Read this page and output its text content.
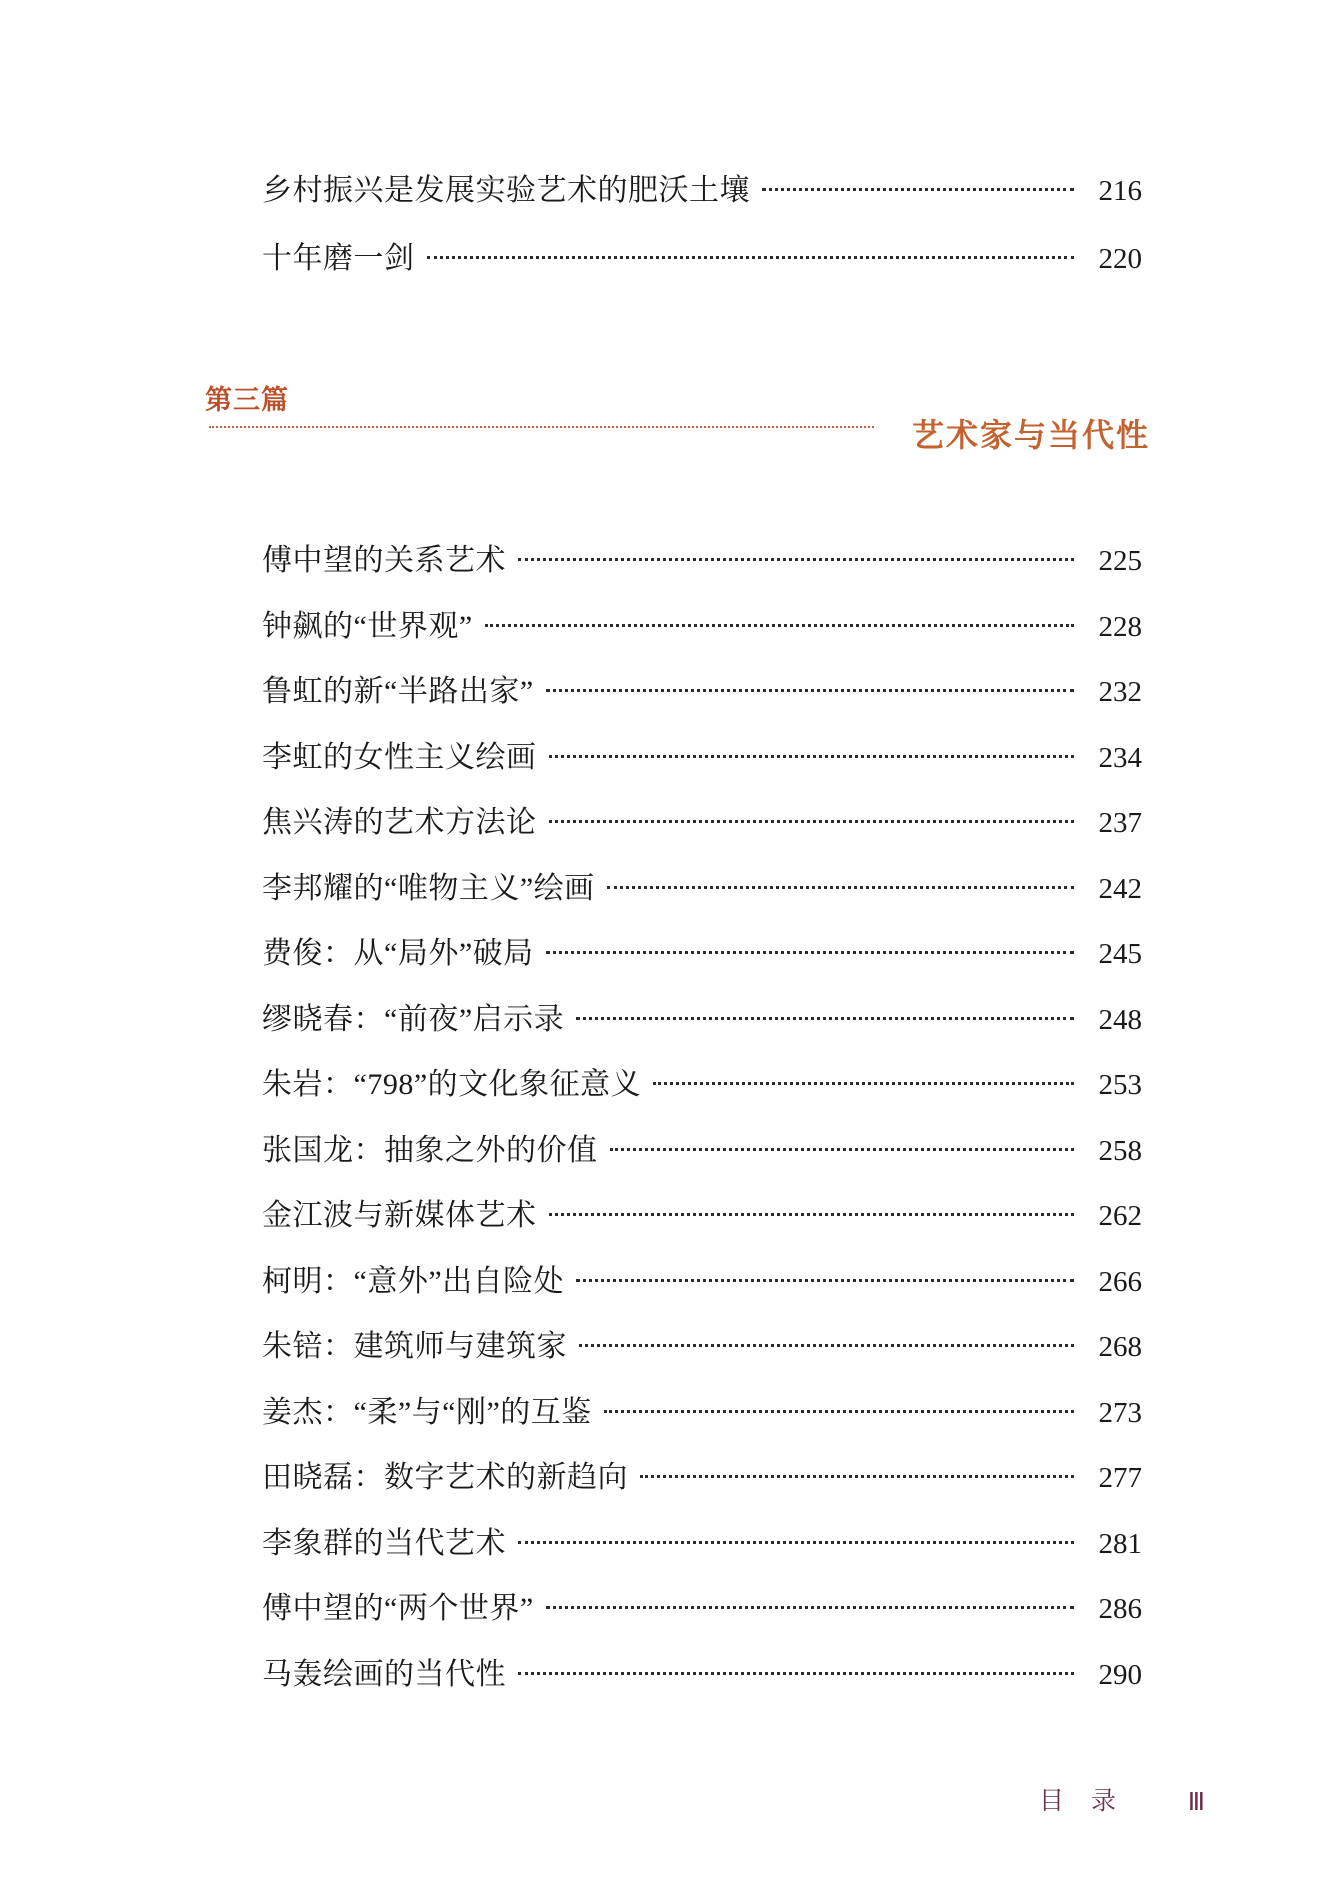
乡村振兴是发展实验艺术的肥沃土壤	216
十年磨一剑	220
第三篇
艺术家与当代性
傅中望的关系艺术	225
钟飙的“世界观”	228
鲁虹的新“半路出家”	232
李虹的女性主义绘画	234
焦兴涛的艺术方法论	237
李邦耀的“唯物主义”绘画	242
费俊：从“局外”破局	245
缪晓春：“前夜”启示录	248
朱岩：“798”的文化象征意义	253
张国龙：抽象之外的价值	258
金江波与新媒体艺术	262
柯明：“意外”出自险处	266
朱锫：建筑师与建筑家	268
姜杰：“柔”与“刚”的互鉴	273
田晓磊：数字艺术的新趋向	277
李象群的当代艺术	281
傅中望的“两个世界”	286
马轰绘画的当代性	290
目 录 Ⅲ
